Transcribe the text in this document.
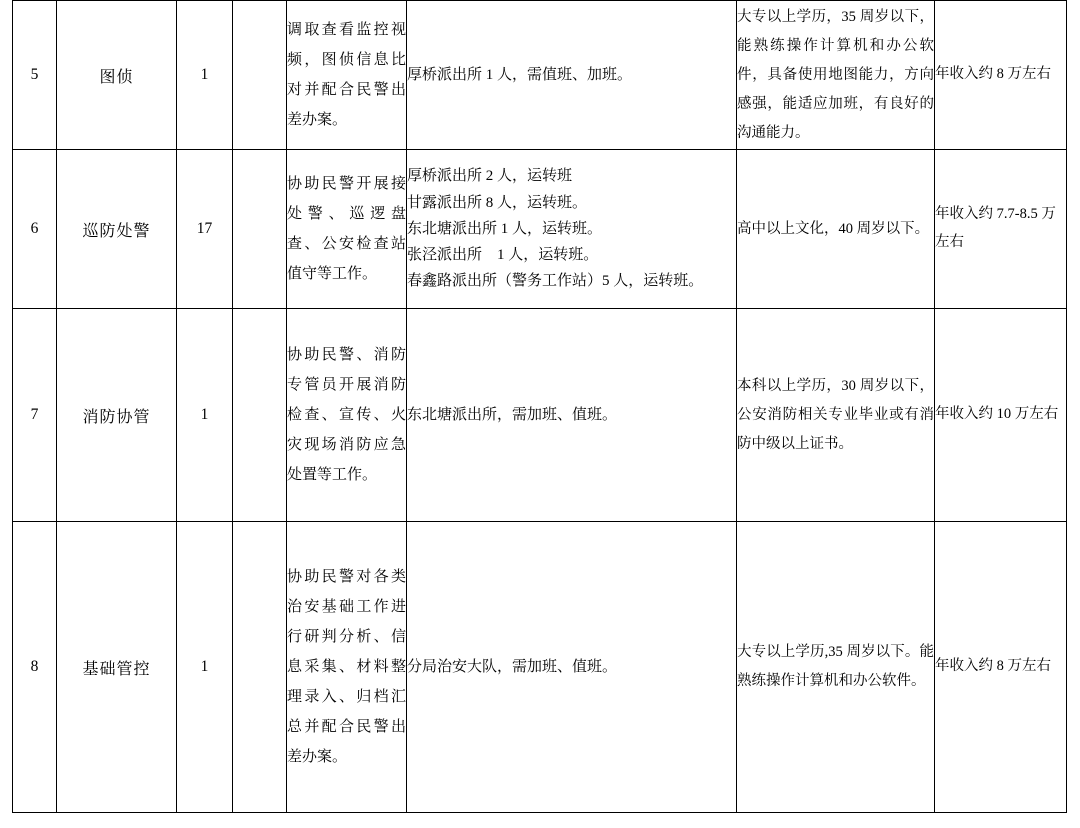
5	图侦	1		调取查看监控视频，图侦信息比对并配合民警出差办案。	厚桥派出所 1 人，需值班、加班。	大专以上学历，35 周岁以下，能熟练操作计算机和办公软件，具备使用地图能力，方向感强，能适应加班，有良好的沟通能力。	年收入约 8 万左右
6	巡防处警	17		协助民警开展接处警、巡逻盘查、公安检查站值守等工作。	厚桥派出所 2 人，运转班
甘露派出所 8 人，运转班。
东北塘派出所 1 人，运转班。
张泾派出所　1 人，运转班。
春鑫路派出所（警务工作站）5 人，运转班。	高中以上文化，40 周岁以下。	年收入约 7.7-8.5 万左右
7	消防协管	1		协助民警、消防专管员开展消防检查、宣传、火灾现场消防应急处置等工作。	东北塘派出所，需加班、值班。	本科以上学历，30 周岁以下，公安消防相关专业毕业或有消防中级以上证书。	年收入约 10 万左右
8	基础管控	1		协助民警对各类治安基础工作进行研判分析、信息采集、材料整理录入、归档汇总并配合民警出差办案。	分局治安大队，需加班、值班。	大专以上学历,35 周岁以下。能熟练操作计算机和办公软件。	年收入约 8 万左右
